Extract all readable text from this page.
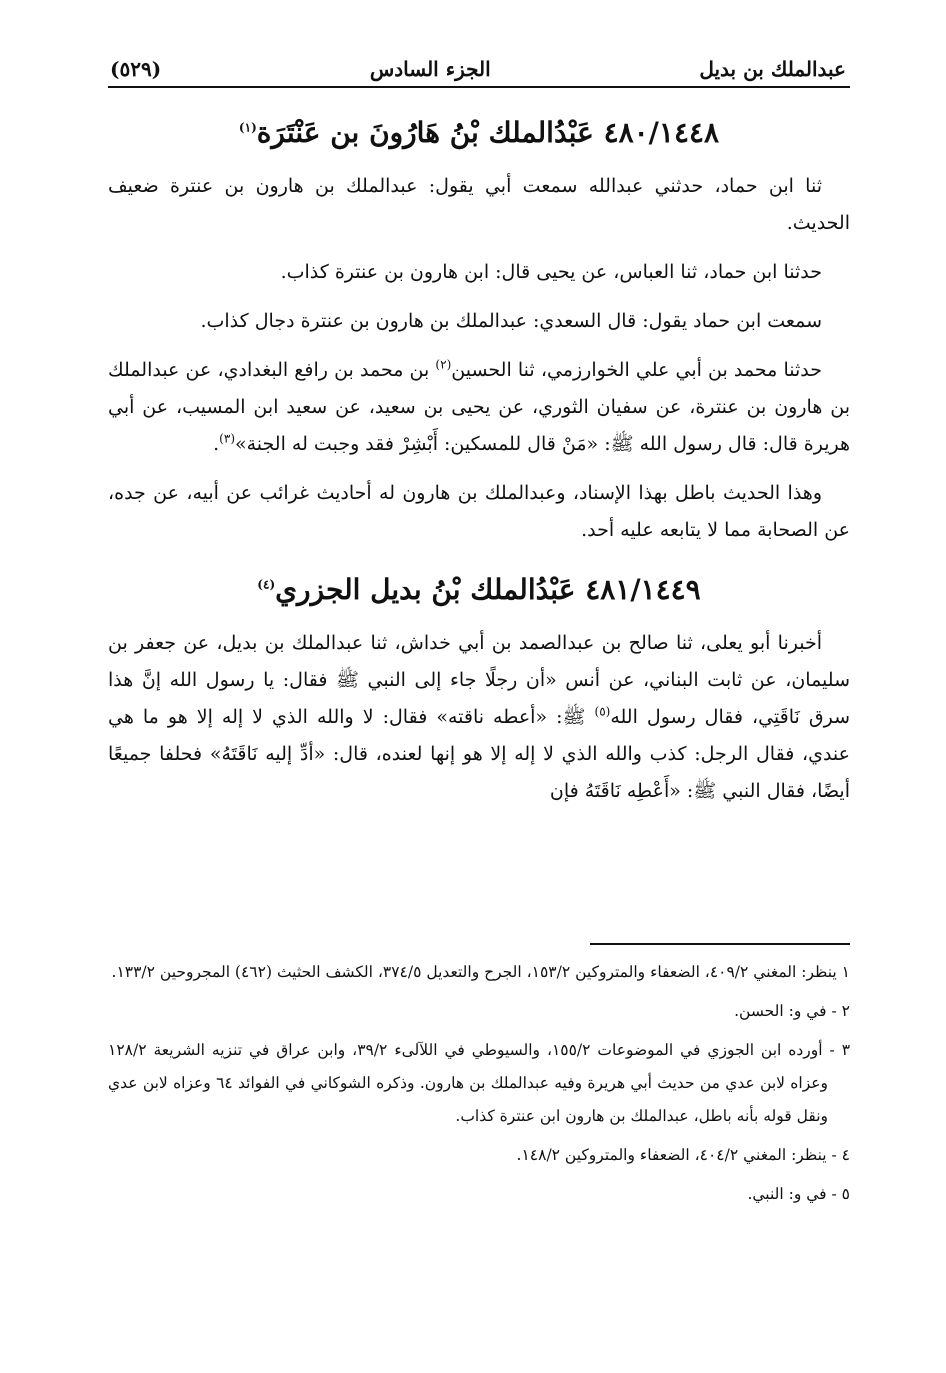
عبدالملك بن بديل
الجزء السادس
(٥٢٩)
٤٨٠/١٤٤٨ عَبْدُالملك بْنُ هَارُونَ بن عَنْتَرَة$^{(١)}$

ثنا ابن حماد، حدثني عبدالله سمعت أبي يقول: عبدالملك بن هارون بن عنترة ضعيف الحديث.

حدثنا ابن حماد، ثنا العباس، عن يحيى قال: ابن هارون بن عنترة كذاب.

سمعت ابن حماد يقول: قال السعدي: عبدالملك بن هارون بن عنترة دجال كذاب.

حدثنا محمد بن أبي علي الخوارزمي، ثنا الحسين$^{(٢)}$ بن محمد بن رافع البغدادي، عن عبدالملك بن هارون بن عنترة، عن سفيان الثوري، عن يحيى بن سعيد، عن سعيد ابن المسيب، عن أبي هريرة قال: قال رسول الله ﷺ: «مَنْ قال للمسكين: أَبْشِرْ فقد وجبت له الجنة»$^{(٣)}$.

وهذا الحديث باطل بهذا الإسناد، وعبدالملك بن هارون له أحاديث غرائب عن أبيه، عن جده، عن الصحابة مما لا يتابعه عليه أحد.

٤٨١/١٤٤٩ عَبْدُالملك بْنُ بديل الجزري$^{(٤)}$

أخبرنا أبو يعلى، ثنا صالح بن عبدالصمد بن أبي خداش، ثنا عبدالملك بن بديل، عن جعفر بن سليمان، عن ثابت البناني، عن أنس «أن رجلًا جاء إلى النبي ﷺ فقال: يا رسول الله إنَّ هذا سرق نَاقَتِي، فقال رسول الله$^{(٥)}$ ﷺ: «أعطه ناقته» فقال: لا والله الذي لا إله إلا هو ما هي عندي، فقال الرجل: كذب والله الذي لا إله إلا هو إنها لعنده، قال: «أدِّ إليه نَاقَتَهُ» فحلفا جميعًا أيضًا، فقال النبي ﷺ: «أَعْطِه نَاقَتَهُ فإن

١ ينظر: المغني ٤٠٩/٢، الضعفاء والمتروكين ١٥٣/٢، الجرح والتعديل ٣٧٤/٥، الكشف الحثيث (٤٦٢) المجروحين ١٣٣/٢.

٢ - في و: الحسن.

٣ - أورده ابن الجوزي في الموضوعات ١٥٥/٢، والسيوطي في اللآلىء ٣٩/٢، وابن عراق في تنزيه الشريعة ١٢٨/٢ وعزاه لابن عدي من حديث أبي هريرة وفيه عبدالملك بن هارون. وذكره الشوكاني في الفوائد ٦٤ وعزاه لابن عدي ونقل قوله بأنه باطل، عبدالملك بن هارون ابن عنترة كذاب.

٤ - ينظر: المغني ٤٠٤/٢، الضعفاء والمتروكين ١٤٨/٢.

٥ - في و: النبي.
